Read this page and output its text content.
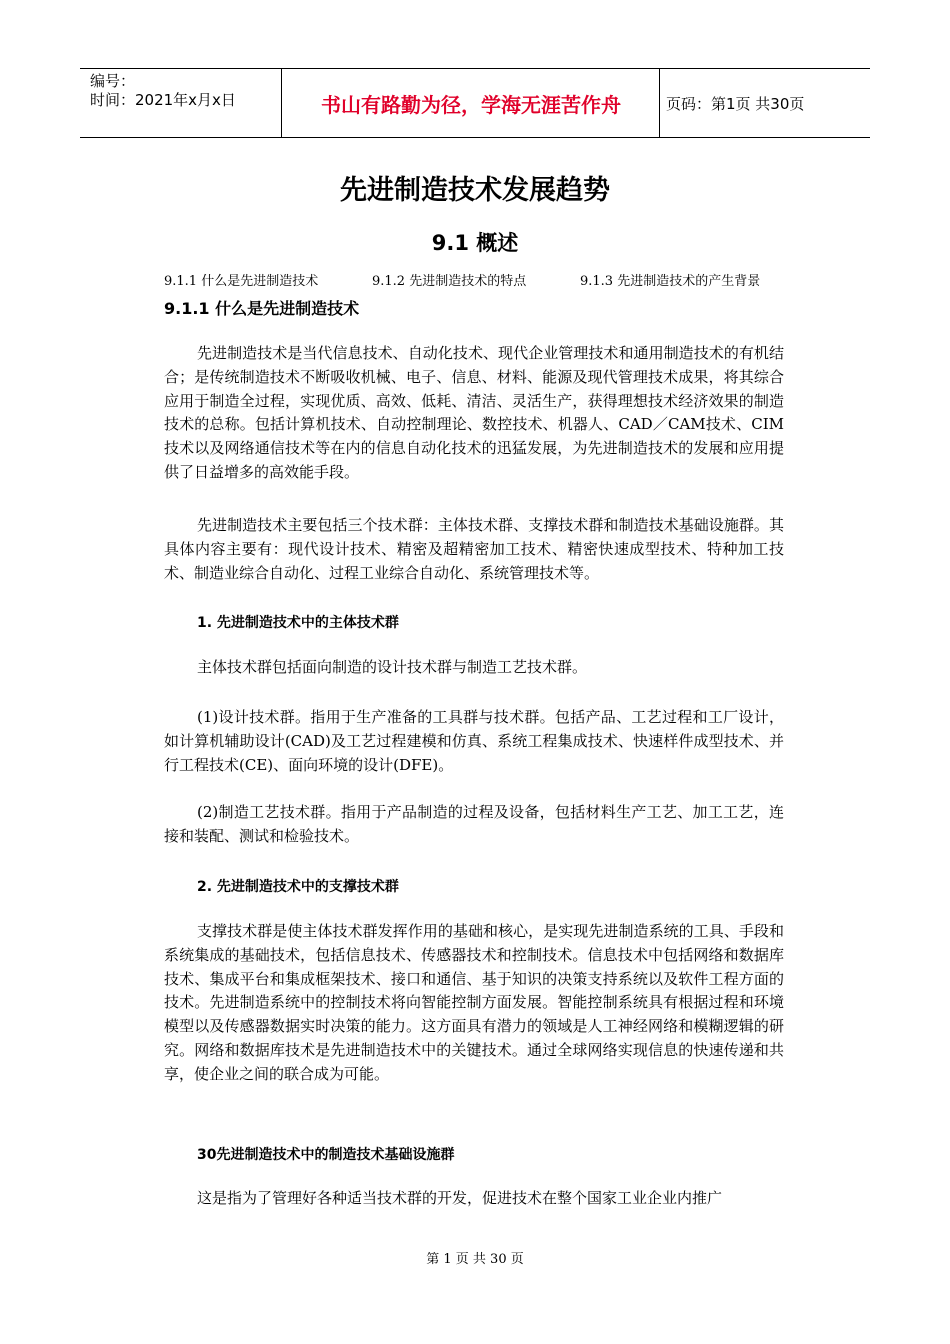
编号：
时间：2021年x月x日	书山有路勤为径，学海无涯苦作舟	页码：第1页 共30页
先进制造技术发展趋势
9.1 概述
9.1.1 什么是先进制造技术	9.1.2 先进制造技术的特点	9.1.3 先进制造技术的产生背景
9.1.1 什么是先进制造技术

先进制造技术是当代信息技术、自动化技术、现代企业管理技术和通用制造技术的有机结合；是传统制造技术不断吸收机械、电子、信息、材料、能源及现代管理技术成果，将其综合应用于制造全过程，实现优质、高效、低耗、清洁、灵活生产，获得理想技术经济效果的制造技术的总称。包括计算机技术、自动控制理论、数控技术、机器人、CAD／CAM技术、CIM技术以及网络通信技术等在内的信息自动化技术的迅猛发展，为先进制造技术的发展和应用提供了日益增多的高效能手段。

先进制造技术主要包括三个技术群：主体技术群、支撑技术群和制造技术基础设施群。其具体内容主要有：现代设计技术、精密及超精密加工技术、精密快速成型技术、特种加工技术、制造业综合自动化、过程工业综合自动化、系统管理技术等。

1. 先进制造技术中的主体技术群

主体技术群包括面向制造的设计技术群与制造工艺技术群。

(1)设计技术群。指用于生产准备的工具群与技术群。包括产品、工艺过程和工厂设计，如计算机辅助设计(CAD)及工艺过程建模和仿真、系统工程集成技术、快速样件成型技术、并行工程技术(CE)、面向环境的设计(DFE)。

(2)制造工艺技术群。指用于产品制造的过程及设备，包括材料生产工艺、加工工艺，连接和装配、测试和检验技术。

2. 先进制造技术中的支撑技术群

支撑技术群是使主体技术群发挥作用的基础和核心，是实现先进制造系统的工具、手段和系统集成的基础技术，包括信息技术、传感器技术和控制技术。信息技术中包括网络和数据库技术、集成平台和集成框架技术、接口和通信、基于知识的决策支持系统以及软件工程方面的技术。先进制造系统中的控制技术将向智能控制方面发展。智能控制系统具有根据过程和环境模型以及传感器数据实时决策的能力。这方面具有潜力的领域是人工神经网络和模糊逻辑的研究。网络和数据库技术是先进制造技术中的关键技术。通过全球网络实现信息的快速传递和共享，使企业之间的联合成为可能。

30先进制造技术中的制造技术基础设施群

这是指为了管理好各种适当技术群的开发，促进技术在整个国家工业企业内推广

第 1 页 共 30 页
